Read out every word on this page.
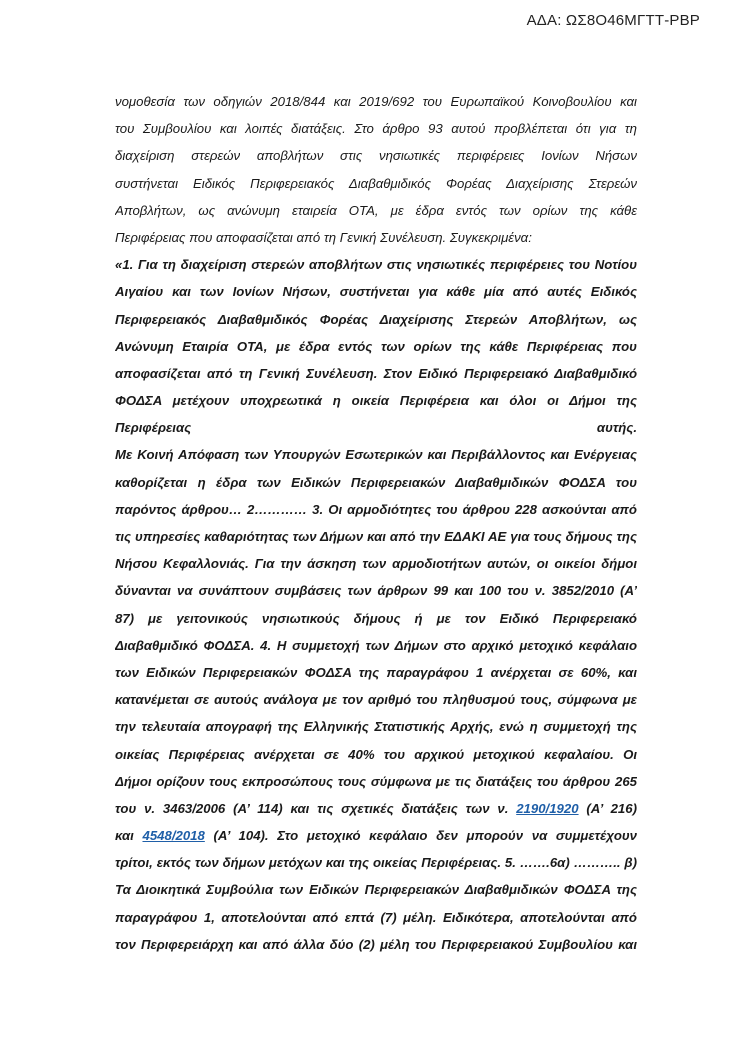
ΑΔΑ: ΩΣ8Ο46ΜΓΤΤ-ΡΒΡ
νομοθεσία των οδηγιών 2018/844 και 2019/692 του Ευρωπαϊκού Κοινοβουλίου και
του Συμβουλίου και λοιπές διατάξεις. Στο άρθρο 93 αυτού προβλέπεται ότι για τη
διαχείριση στερεών αποβλήτων στις νησιωτικές περιφέρειες Ιονίων Νήσων
συστήνεται Ειδικός Περιφερειακός Διαβαθμιδικός Φορέας Διαχείρισης Στερεών
Αποβλήτων, ως ανώνυμη εταιρεία ΟΤΑ, με έδρα εντός των ορίων της κάθε
Περιφέρειας που αποφασίζεται από τη Γενική Συνέλευση. Συγκεκριμένα:
«1. Για τη διαχείριση στερεών αποβλήτων στις νησιωτικές περιφέρειες του Νοτίου
Αιγαίου και των Ιονίων Νήσων, συστήνεται για κάθε μία από αυτές Ειδικός
Περιφερειακός Διαβαθμιδικός Φορέας Διαχείρισης Στερεών Αποβλήτων, ως
Ανώνυμη Εταιρία ΟΤΑ, με έδρα εντός των ορίων της κάθε Περιφέρειας που
αποφασίζεται από τη Γενική Συνέλευση. Στον Ειδικό Περιφερειακό Διαβαθμιδικό
ΦΟΔΣΑ μετέχουν υποχρεωτικά η οικεία Περιφέρεια και όλοι οι Δήμοι της
Περιφέρειας	αυτής.
Με Κοινή Απόφαση των Υπουργών Εσωτερικών και Περιβάλλοντος και Ενέργειας
καθορίζεται η έδρα των Ειδικών Περιφερειακών Διαβαθμιδικών ΦΟΔΣΑ του
παρόντος άρθρου… 2………… 3. Οι αρμοδιότητες του άρθρου 228 ασκούνται από
τις υπηρεσίες καθαριότητας των Δήμων και από την ΕΔΑΚΙ ΑΕ για τους δήμους της
Νήσου Κεφαλλονιάς. Για την άσκηση των αρμοδιοτήτων αυτών, οι οικείοι δήμοι
δύνανται να συνάπτουν συμβάσεις των άρθρων 99 και 100 του ν. 3852/2010 (Α’
87) με γειτονικούς νησιωτικούς δήμους ή με τον Ειδικό Περιφερειακό
Διαβαθμιδικό ΦΟΔΣΑ. 4. Η συμμετοχή των Δήμων στο αρχικό μετοχικό κεφάλαιο
των Ειδικών Περιφερειακών ΦΟΔΣΑ της παραγράφου 1 ανέρχεται σε 60%, και
κατανέμεται σε αυτούς ανάλογα με τον αριθμό του πληθυσμού τους, σύμφωνα με
την τελευταία απογραφή της Ελληνικής Στατιστικής Αρχής, ενώ η συμμετοχή της
οικείας Περιφέρειας ανέρχεται σε 40% του αρχικού μετοχικού κεφαλαίου. Οι
Δήμοι ορίζουν τους εκπροσώπους τους σύμφωνα με τις διατάξεις του άρθρου 265
του ν. 3463/2006 (Α’ 114) και τις σχετικές διατάξεις των ν. 2190/1920 (Α’ 216)
και 4548/2018 (Α’ 104). Στο μετοχικό κεφάλαιο δεν μπορούν να συμμετέχουν
τρίτοι, εκτός των δήμων μετόχων και της οικείας Περιφέρειας. 5. …….6α) ……….. β)
Τα Διοικητικά Συμβούλια των Ειδικών Περιφερειακών Διαβαθμιδικών ΦΟΔΣΑ της
παραγράφου 1, αποτελούνται από επτά (7) μέλη. Ειδικότερα, αποτελούνται από
τον Περιφερειάρχη και από άλλα δύο (2) μέλη του Περιφερειακού Συμβουλίου και
